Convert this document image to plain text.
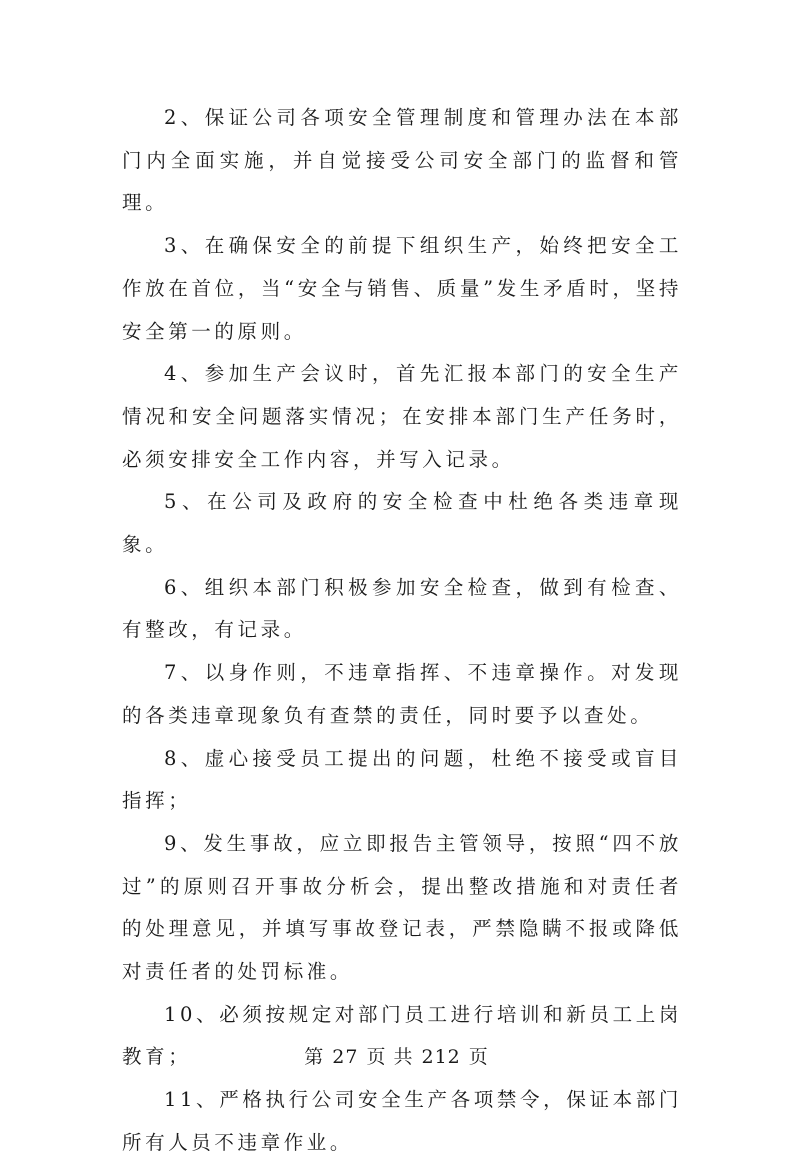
2、保证公司各项安全管理制度和管理办法在本部门内全面实施，并自觉接受公司安全部门的监督和管理。

3、在确保安全的前提下组织生产，始终把安全工作放在首位，当“安全与销售、质量”发生矛盾时，坚持安全第一的原则。

4、参加生产会议时，首先汇报本部门的安全生产情况和安全问题落实情况；在安排本部门生产任务时，必须安排安全工作内容，并写入记录。

5、在公司及政府的安全检查中杜绝各类违章现象。

6、组织本部门积极参加安全检查，做到有检查、有整改，有记录。

7、以身作则，不违章指挥、不违章操作。对发现的各类违章现象负有查禁的责任，同时要予以查处。

8、虚心接受员工提出的问题，杜绝不接受或盲目指挥；

9、发生事故，应立即报告主管领导，按照“四不放过”的原则召开事故分析会，提出整改措施和对责任者的处理意见，并填写事故登记表，严禁隐瞒不报或降低对责任者的处罚标准。

10、必须按规定对部门员工进行培训和新员工上岗教育；

11、严格执行公司安全生产各项禁令，保证本部门所有人员不违章作业。

第 27 页 共 212 页
